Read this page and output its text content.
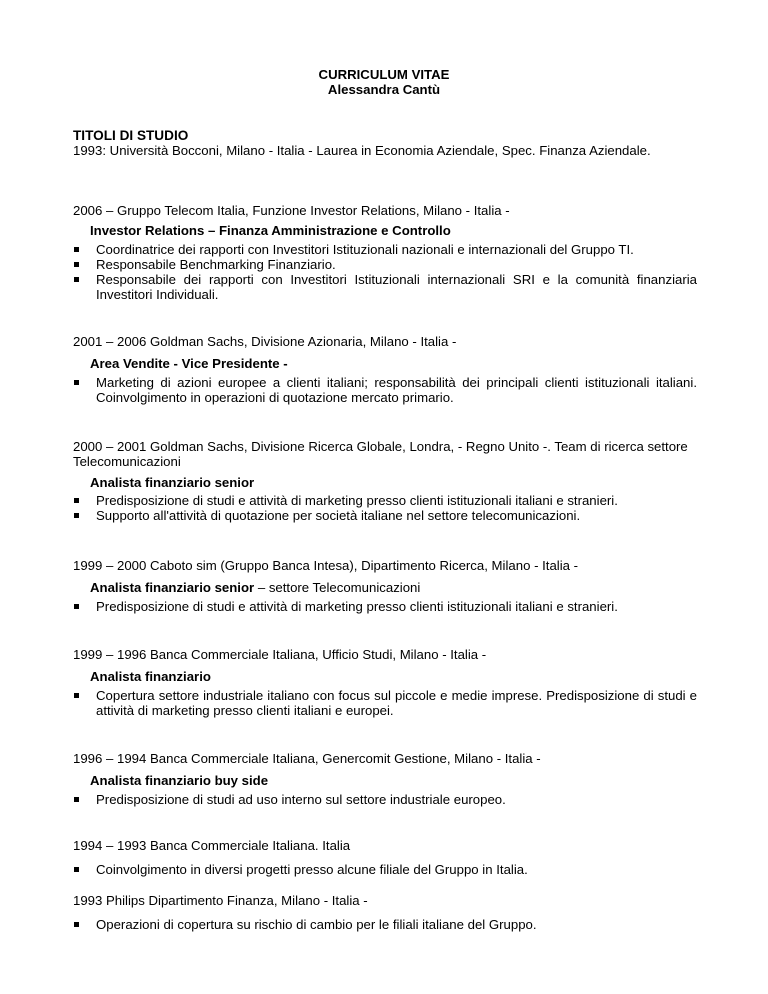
CURRICULUM VITAE
Alessandra Cantù
TITOLI DI STUDIO
1993: Università Bocconi, Milano - Italia - Laurea in Economia Aziendale, Spec. Finanza Aziendale.
2006 – Gruppo Telecom Italia, Funzione Investor Relations, Milano - Italia -
Investor Relations – Finanza Amministrazione e Controllo
Coordinatrice dei rapporti con Investitori Istituzionali nazionali e internazionali del Gruppo TI.
Responsabile Benchmarking Finanziario.
Responsabile dei rapporti con Investitori Istituzionali internazionali SRI e la comunità finanziaria Investitori Individuali.
2001 – 2006 Goldman Sachs, Divisione Azionaria, Milano - Italia -
Area Vendite - Vice Presidente -
Marketing di azioni europee a clienti italiani; responsabilità dei principali clienti istituzionali italiani. Coinvolgimento in operazioni di quotazione mercato primario.
2000 – 2001 Goldman Sachs, Divisione Ricerca Globale, Londra, - Regno Unito -. Team di ricerca settore Telecomunicazioni
Analista finanziario senior
Predisposizione di studi e attività di marketing presso clienti istituzionali italiani e stranieri.
Supporto all'attività di quotazione per società italiane nel settore telecomunicazioni.
1999 – 2000 Caboto sim (Gruppo Banca Intesa), Dipartimento Ricerca, Milano - Italia -
Analista finanziario senior – settore Telecomunicazioni
Predisposizione di studi e attività di marketing presso clienti istituzionali italiani e stranieri.
1999 – 1996 Banca Commerciale Italiana, Ufficio Studi, Milano - Italia -
Analista finanziario
Copertura settore industriale italiano con focus sul piccole e medie imprese. Predisposizione di studi e attività di marketing presso clienti italiani e europei.
1996 – 1994 Banca Commerciale Italiana, Genercomit Gestione, Milano - Italia -
Analista finanziario buy side
Predisposizione di studi ad uso interno sul settore industriale europeo.
1994 – 1993 Banca Commerciale Italiana. Italia
Coinvolgimento in diversi progetti presso alcune filiale del Gruppo in Italia.
1993 Philips Dipartimento Finanza, Milano - Italia -
Operazioni di copertura su rischio di cambio per le filiali italiane del Gruppo.
